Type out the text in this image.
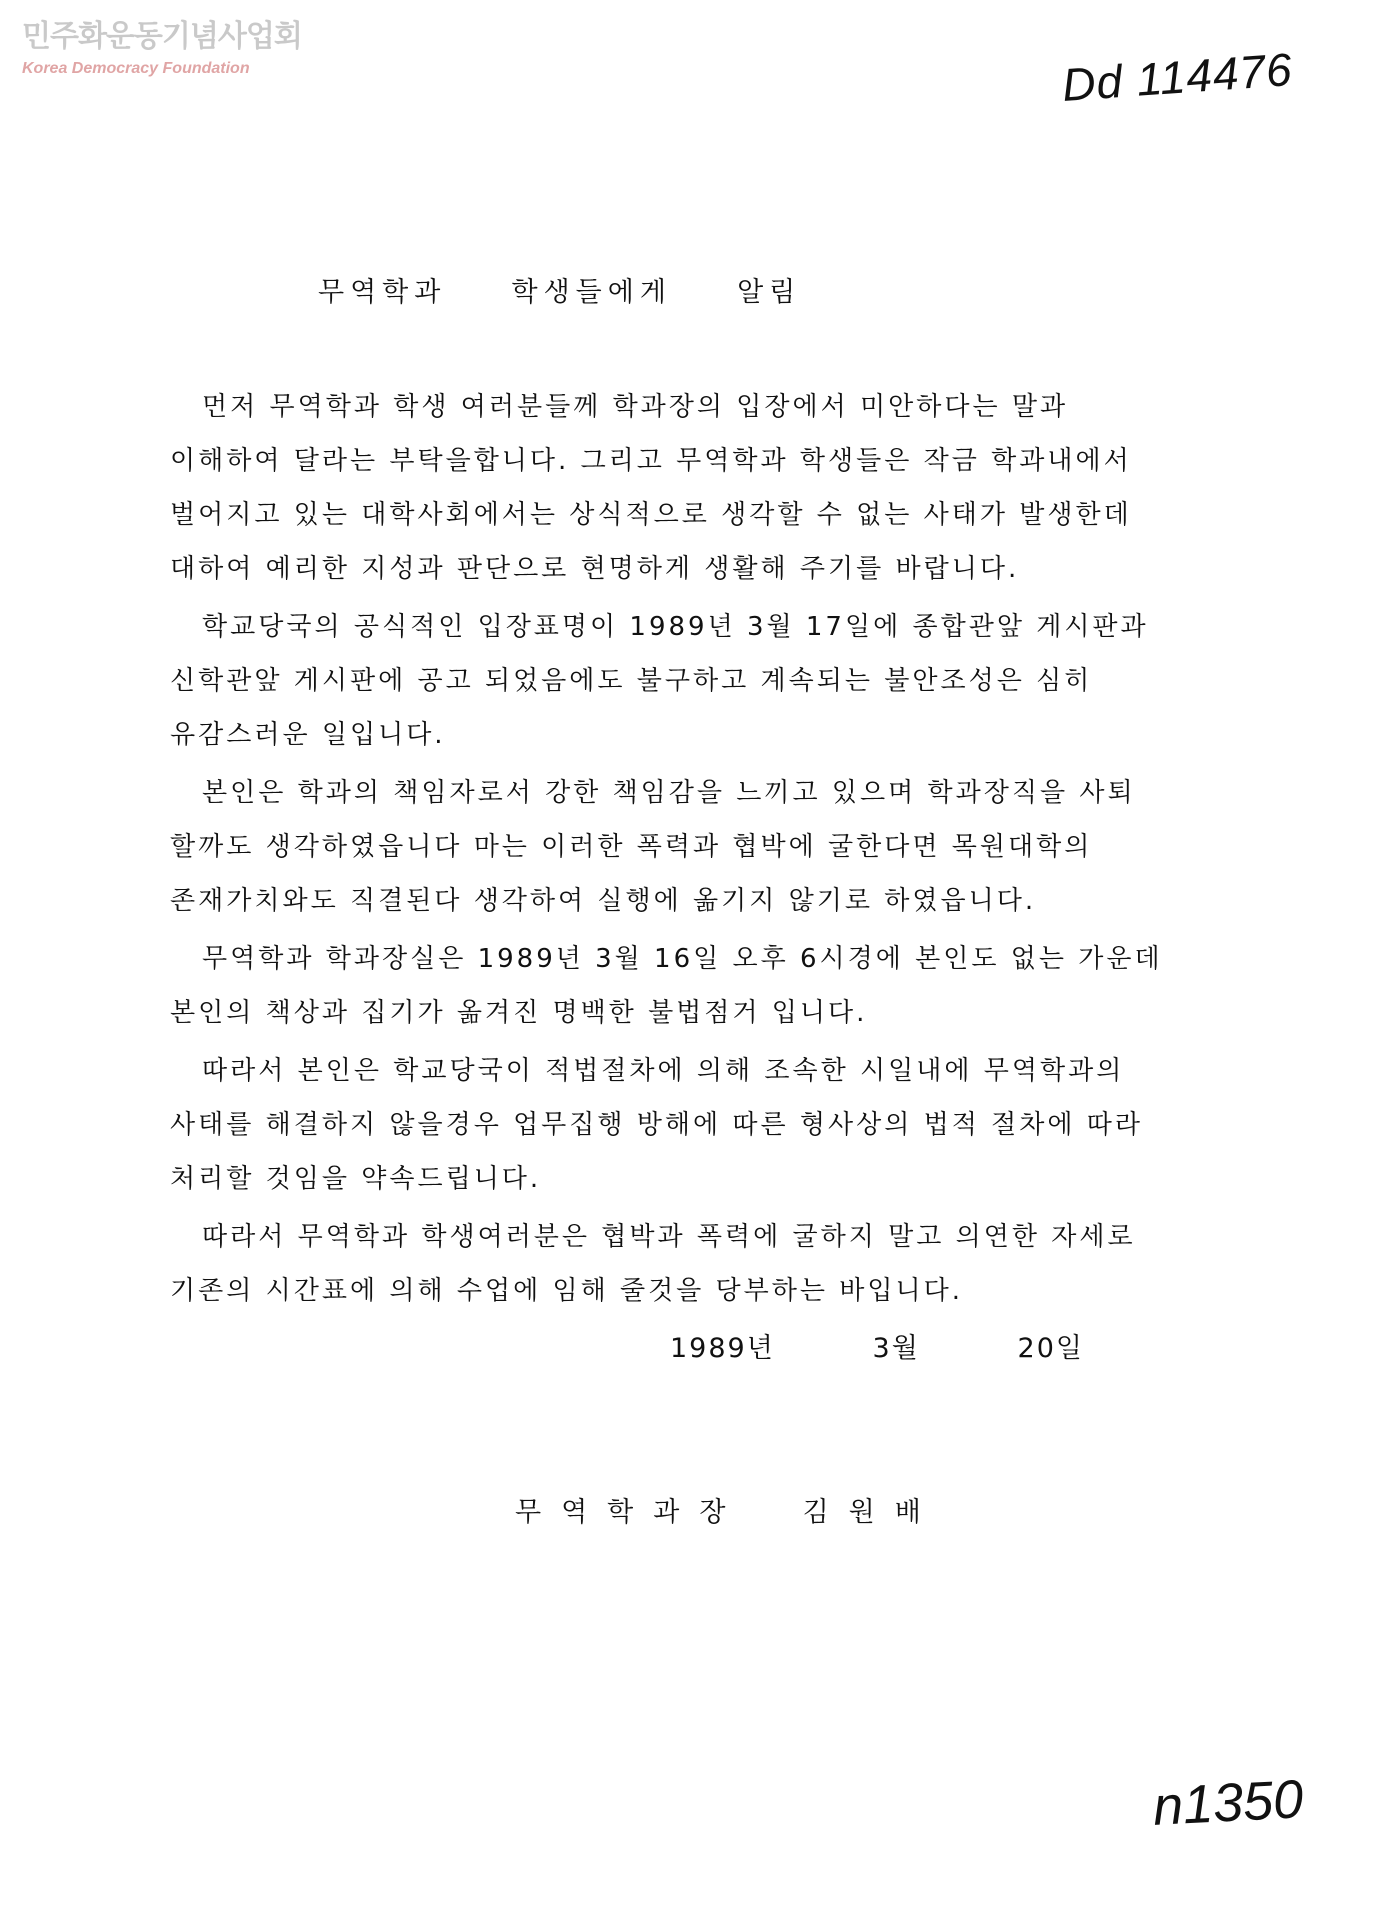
민주화운동기념사업회
Korea Democracy Foundation	Dd 114476
무역학과  학생들에게  알림
먼저 무역학과 학생 여러분들께 학과장의 입장에서 미안하다는 말과
이해하여 달라는 부탁을합니다. 그리고 무역학과 학생들은 작금 학과내에서
벌어지고 있는 대학사회에서는 상식적으로 생각할 수 없는 사태가 발생한데
대하여 예리한 지성과 판단으로 현명하게 생활해 주기를 바랍니다.
학교당국의 공식적인 입장표명이 1989년 3월 17일에 종합관앞 게시판과
신학관앞 게시판에 공고 되었음에도 불구하고 계속되는 불안조성은 심히
유감스러운 일입니다.
본인은 학과의 책임자로서 강한 책임감을 느끼고 있으며 학과장직을 사퇴
할까도 생각하였읍니다 마는 이러한 폭력과 협박에 굴한다면 목원대학의
존재가치와도 직결된다 생각하여 실행에 옮기지 않기로 하였읍니다.
무역학과 학과장실은 1989년 3월 16일 오후 6시경에 본인도 없는 가운데
본인의 책상과 집기가 옮겨진 명백한 불법점거 입니다.
따라서 본인은 학교당국이 적법절차에 의해 조속한 시일내에 무역학과의
사태를 해결하지 않을경우 업무집행 방해에 따른 형사상의 법적 절차에 따라
처리할 것임을 약속드립니다.
따라서 무역학과 학생여러분은 협박과 폭력에 굴하지 말고 의연한 자세로
기존의 시간표에 의해 수업에 임해 줄것을 당부하는 바입니다.
1989년   3월   20일
무역학과장  김원배
n1350
